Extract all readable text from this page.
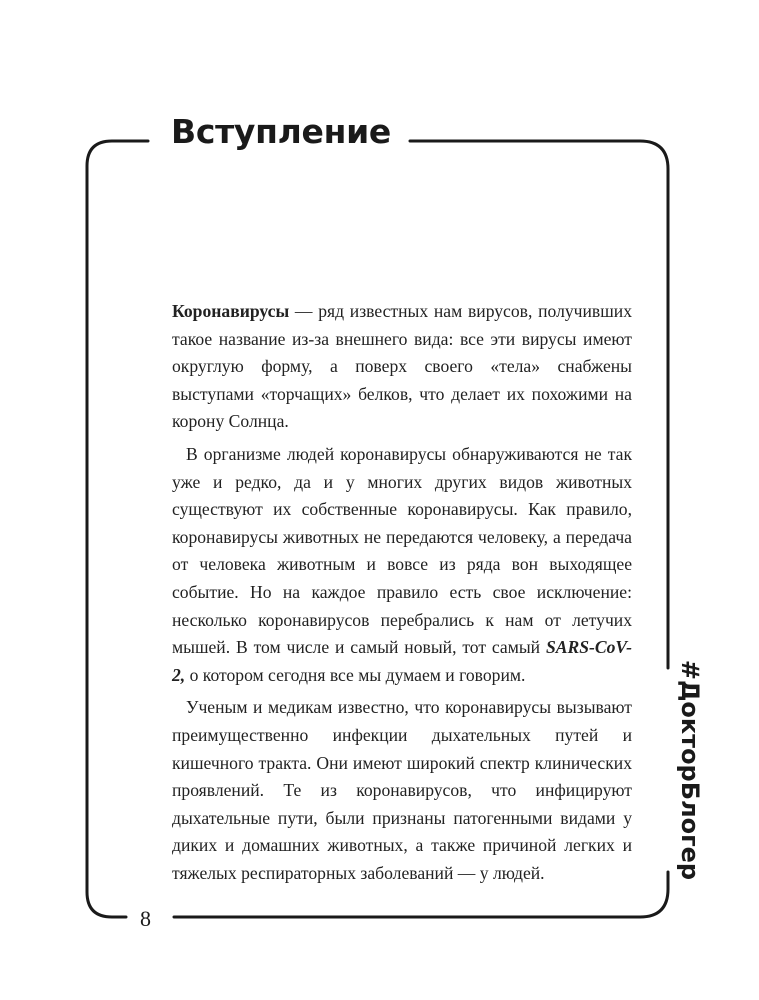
Вступление

Коронавирусы — ряд известных нам вирусов, получивших такое название из-за внешнего вида: все эти вирусы имеют округлую форму, а поверх своего «тела» снабжены выступами «торчащих» белков, что делает их похожими на корону Солнца.

В организме людей коронавирусы обнаруживаются не так уже и редко, да и у многих других видов животных существуют их собственные коронавирусы. Как правило, коронавирусы животных не передаются человеку, а передача от человека животным и вовсе из ряда вон выходящее событие. Но на каждое правило есть свое исключение: несколько коронавирусов перебрались к нам от летучих мышей. В том числе и самый новый, тот самый SARS-CoV-2, о котором сегодня все мы думаем и говорим.

Ученым и медикам известно, что коронавирусы вызывают преимущественно инфекции дыхательных путей и кишечного тракта. Они имеют широкий спектр клинических проявлений. Те из коронавирусов, что инфицируют дыхательные пути, были признаны патогенными видами у диких и домашних животных, а также причиной легких и тяжелых респираторных заболеваний — у людей.

8
#ДокторБлогер
